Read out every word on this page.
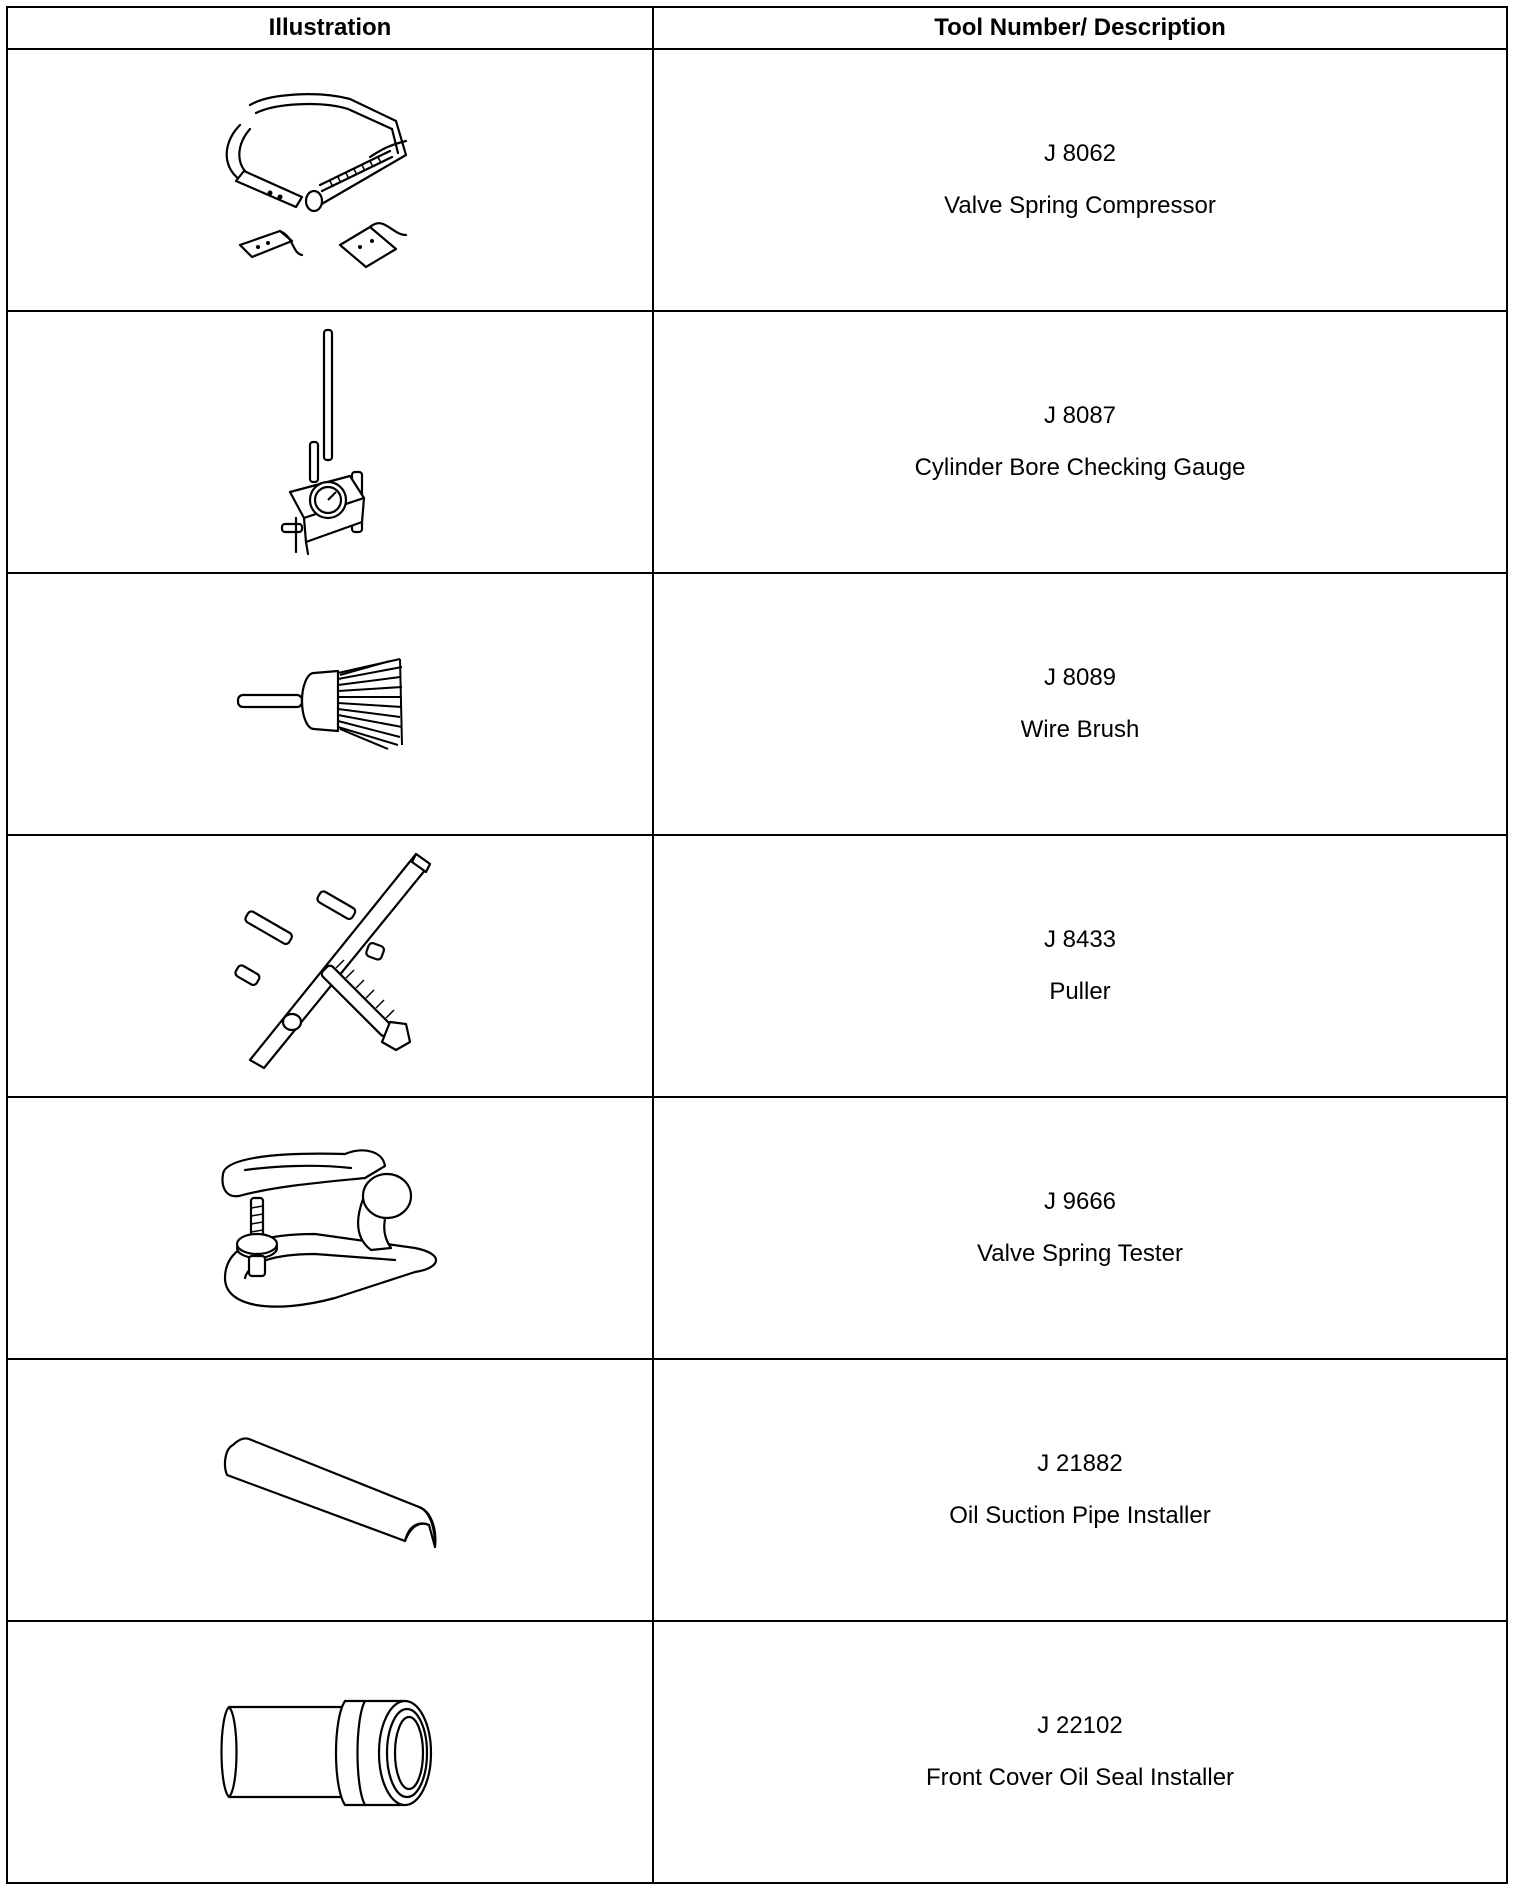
Illustration	Tool Number/ Description

J 8062
Valve Spring Compressor

J 8087
Cylinder Bore Checking Gauge

J 8089
Wire Brush

J 8433
Puller

J 9666
Valve Spring Tester

J 21882
Oil Suction Pipe Installer

J 22102
Front Cover Oil Seal Installer
